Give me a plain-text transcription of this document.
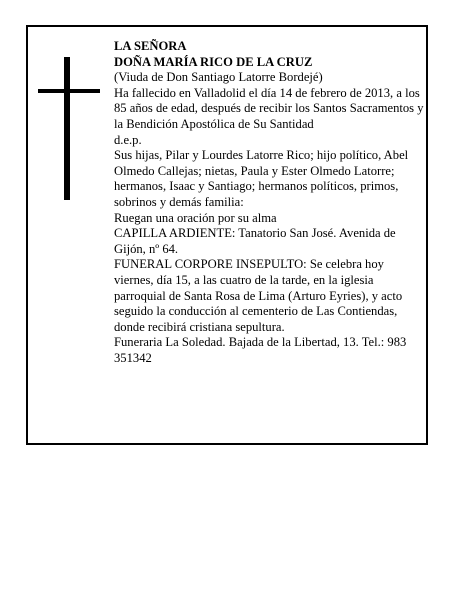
LA SEÑORA

DOÑA MARÍA RICO DE LA CRUZ

(Viuda de Don Santiago Latorre Bordejé)

Ha fallecido en Valladolid el día 14 de febrero de 2013, a los 85 años de edad, después de recibir los Santos Sacramentos y la Bendición Apostólica de Su Santidad

d.e.p.

Sus hijas, Pilar y Lourdes Latorre Rico; hijo político, Abel Olmedo Callejas; nietas, Paula y Ester Olmedo Latorre; hermanos, Isaac y Santiago; hermanos políticos, primos, sobrinos y demás familia:

Ruegan una oración por su alma

CAPILLA ARDIENTE: Tanatorio San José. Avenida de Gijón, nº 64.

FUNERAL CORPORE INSEPULTO: Se celebra hoy viernes, día 15, a las cuatro de la tarde, en la iglesia parroquial de Santa Rosa de Lima (Arturo Eyries), y acto seguido la conducción al cementerio de Las Contiendas, donde recibirá cristiana sepultura.

Funeraria La Soledad. Bajada de la Libertad, 13. Tel.: 983 351342
